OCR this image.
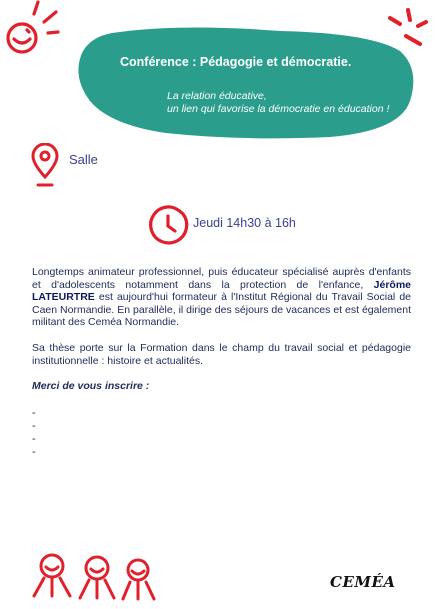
Conférence : Pédagogie et démocratie.
La relation éducative,
un lien qui favorise la démocratie en éducation !
Salle
Jeudi 14h30 à 16h

Longtemps animateur professionnel, puis éducateur spécialisé auprès d'enfants et d'adolescents notamment dans la protection de l'enfance, Jérôme LATEURTRE est aujourd'hui formateur à l'Institut Régional du Travail Social de Caen Normandie. En parallèle, il dirige des séjours de vacances et est également militant des Ceméa Normandie.

Sa thèse porte sur la Formation dans le champ du travail social et pédagogie institutionnelle : histoire et actualités.

Merci de vous inscrire :

-
-
-
-
CEMÉA
